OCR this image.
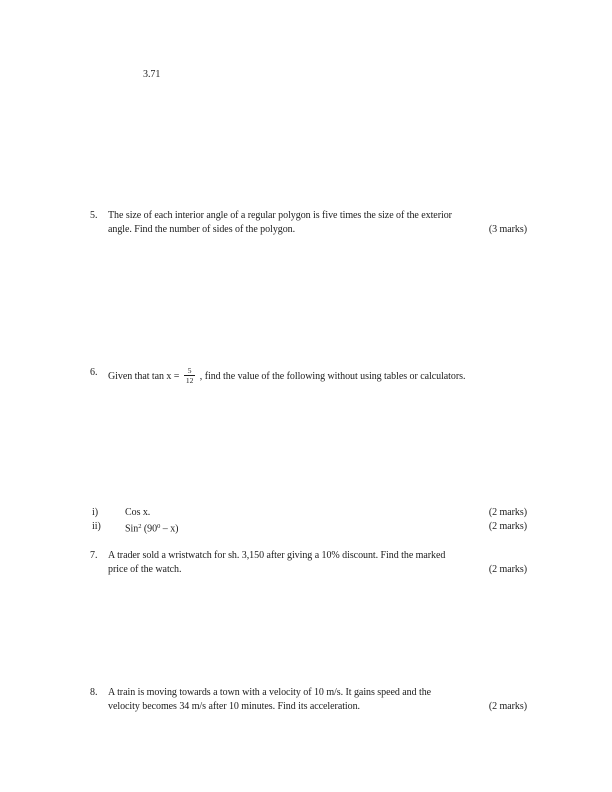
3.71
5. The size of each interior angle of a regular polygon is five times the size of the exterior
angle. Find the number of sides of the polygon.	(3 marks)
6. Given that $\tan x = \frac{5}{12}$ , find the value of the following without using tables or calculators.
i)	Cos x.	(2 marks)
ii) Sin$^2$ $(90^0 - x)$	(2 marks)
7. A trader sold a wristwatch for sh. 3,150 after giving a 10% discount. Find the marked
price of the watch.	(2 marks)
8. A train is moving towards a town with a velocity of 10 m/s. It gains speed and the
velocity becomes 34 m/s after 10 minutes. Find its acceleration.	(2 marks)
